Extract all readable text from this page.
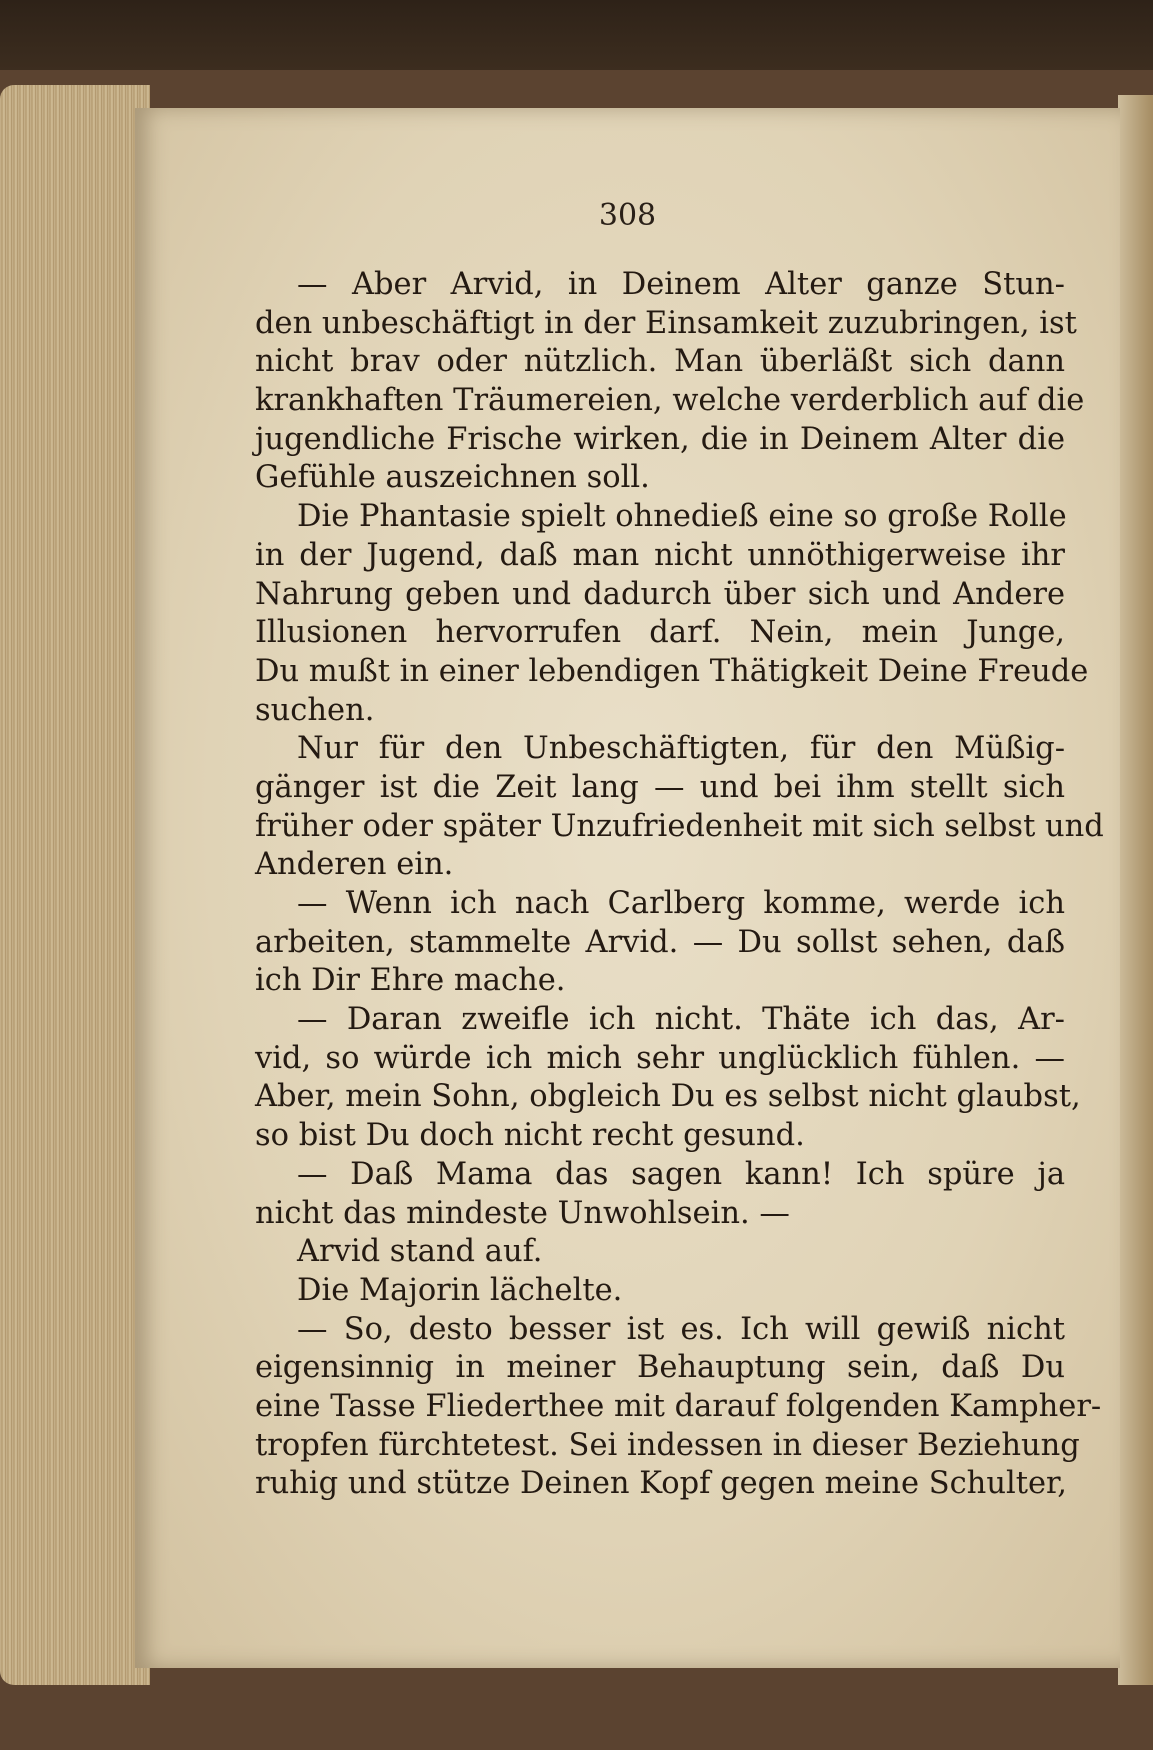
308
— Aber Arvid, in Deinem Alter ganze Stun-
den unbeschäftigt in der Einsamkeit zuzubringen, ist
nicht brav oder nützlich. Man überläßt sich dann
krankhaften Träumereien, welche verderblich auf die
jugendliche Frische wirken, die in Deinem Alter die
Gefühle auszeichnen soll.
Die Phantasie spielt ohnedieß eine so große Rolle
in der Jugend, daß man nicht unnöthigerweise ihr
Nahrung geben und dadurch über sich und Andere
Illusionen hervorrufen darf. Nein, mein Junge,
Du mußt in einer lebendigen Thätigkeit Deine Freude
suchen.
Nur für den Unbeschäftigten, für den Müßig-
gänger ist die Zeit lang — und bei ihm stellt sich
früher oder später Unzufriedenheit mit sich selbst und
Anderen ein.
— Wenn ich nach Carlberg komme, werde ich
arbeiten, stammelte Arvid. — Du sollst sehen, daß
ich Dir Ehre mache.
— Daran zweifle ich nicht. Thäte ich das, Ar-
vid, so würde ich mich sehr unglücklich fühlen. —
Aber, mein Sohn, obgleich Du es selbst nicht glaubst,
so bist Du doch nicht recht gesund.
— Daß Mama das sagen kann! Ich spüre ja
nicht das mindeste Unwohlsein. —
Arvid stand auf.
Die Majorin lächelte.
— So, desto besser ist es. Ich will gewiß nicht
eigensinnig in meiner Behauptung sein, daß Du
eine Tasse Fliederthee mit darauf folgenden Kampher-
tropfen fürchtetest. Sei indessen in dieser Beziehung
ruhig und stütze Deinen Kopf gegen meine Schulter,
